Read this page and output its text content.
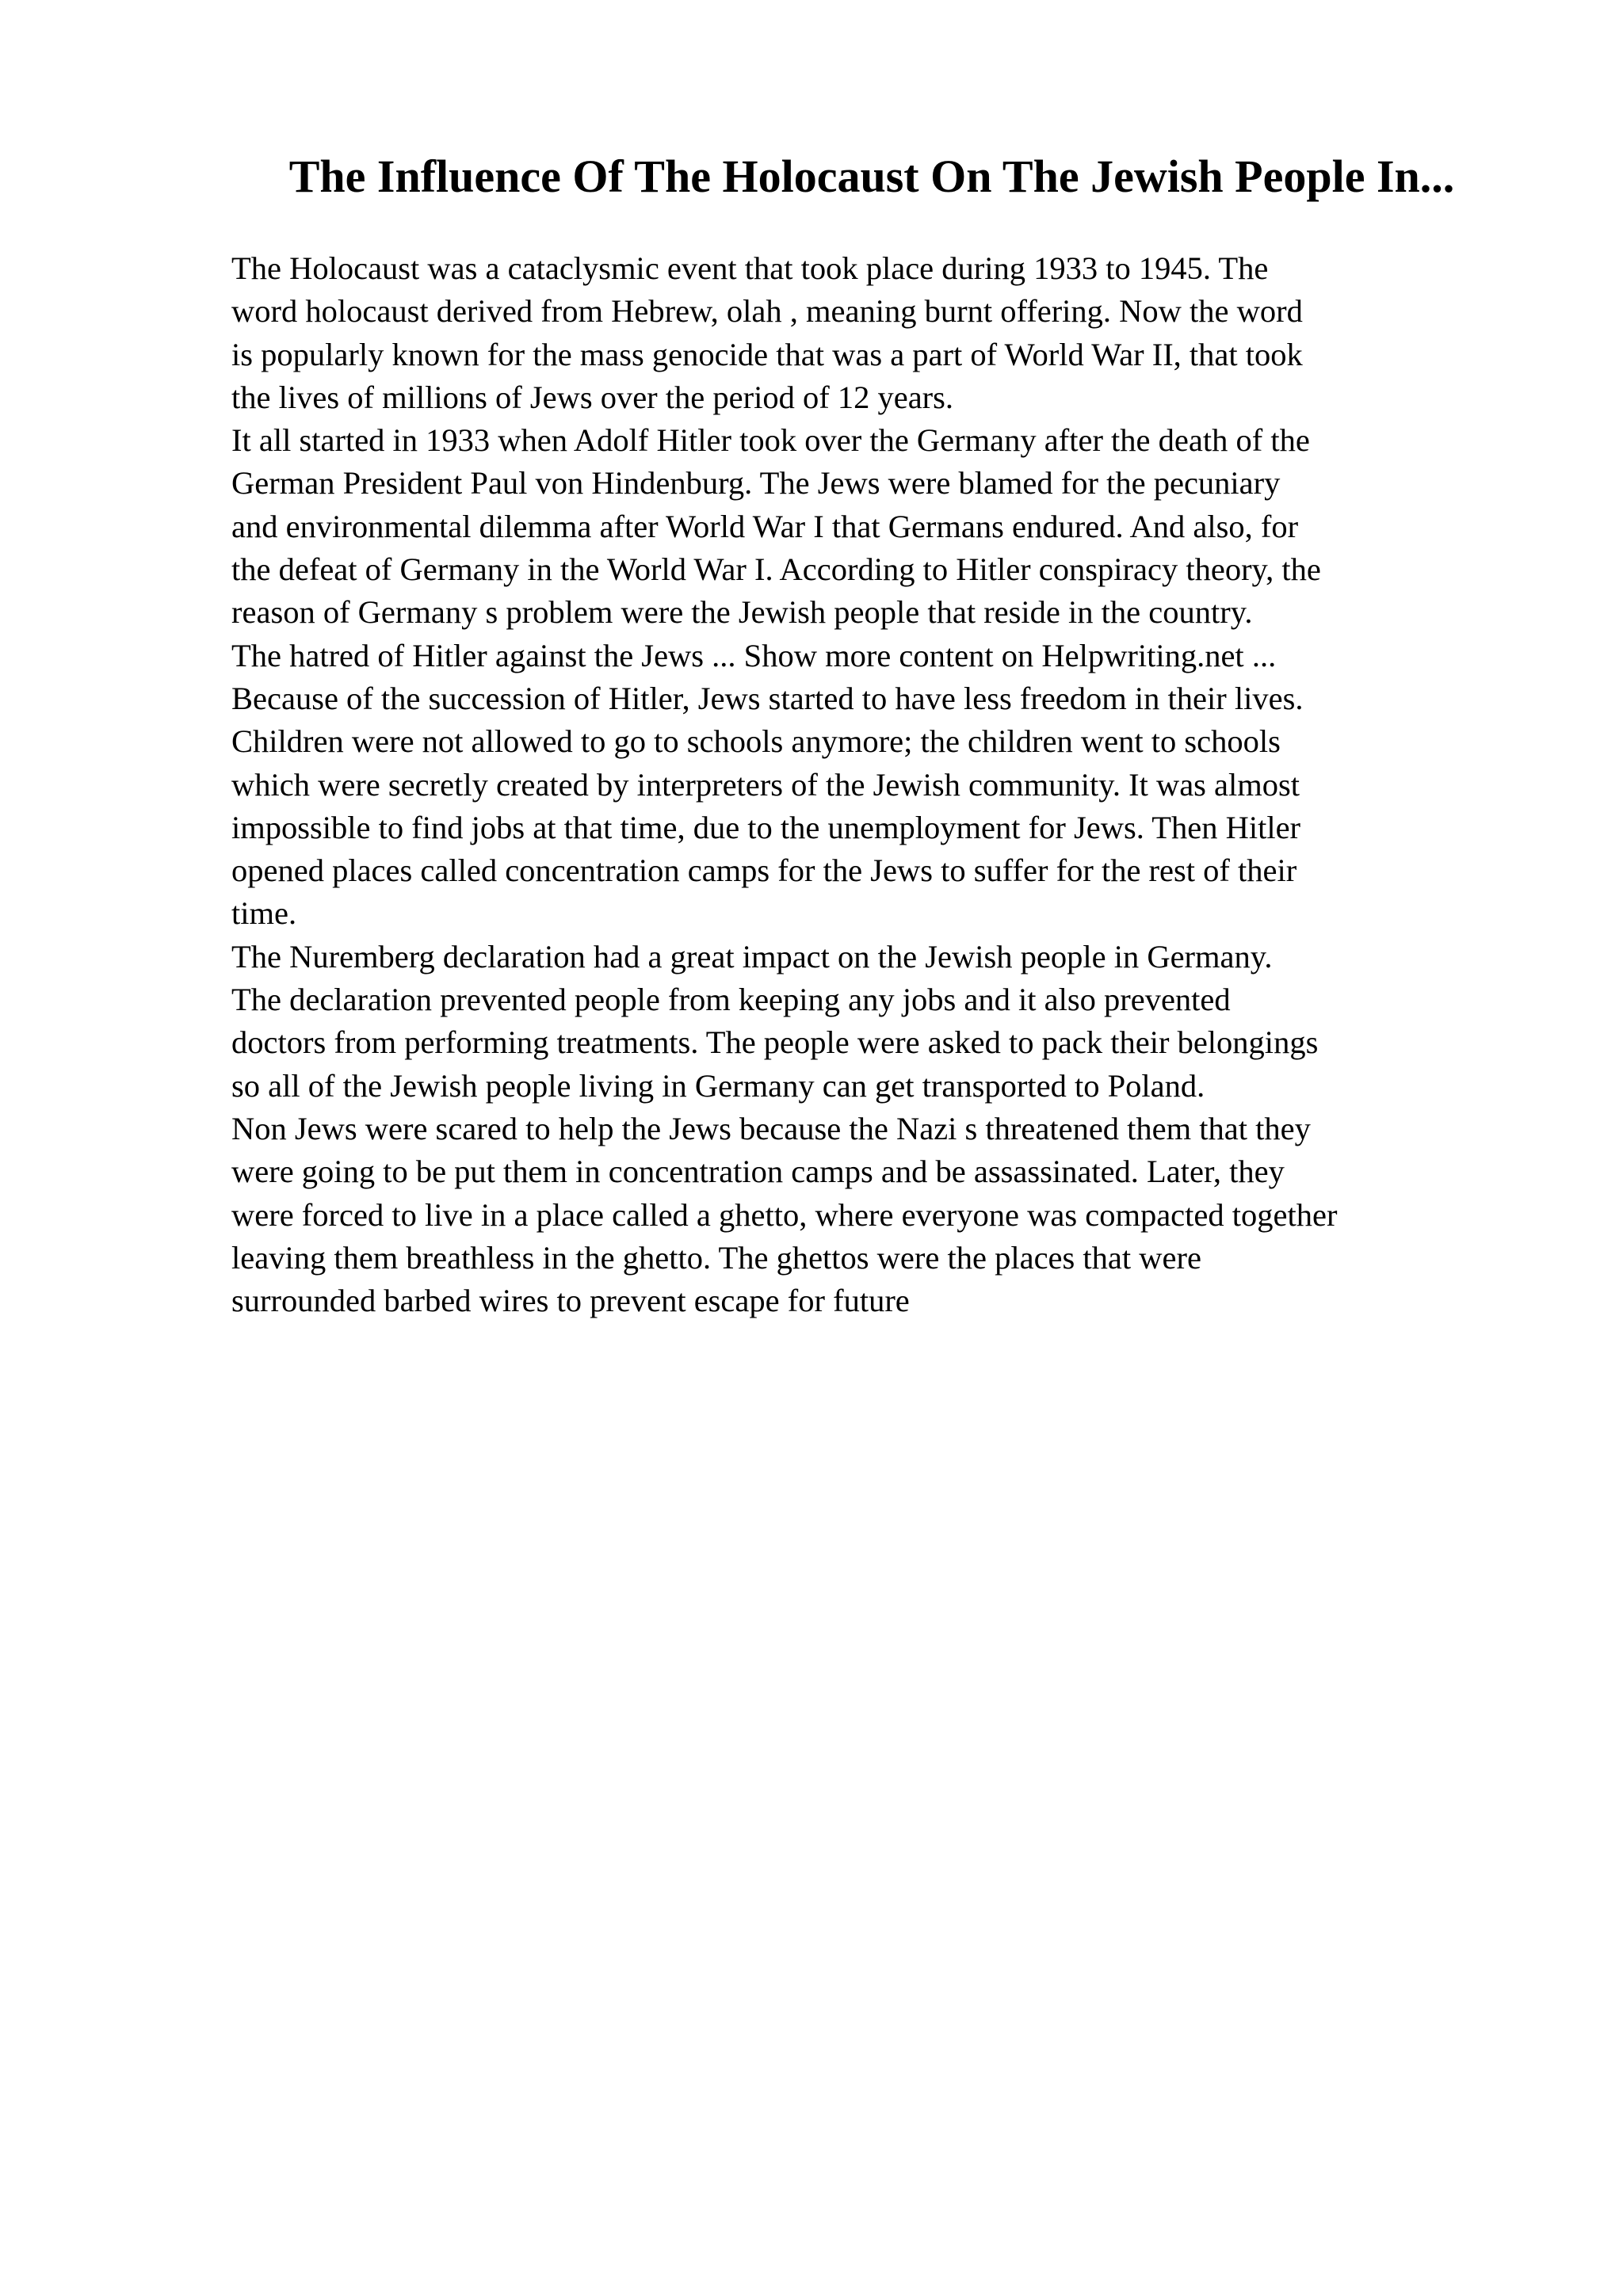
The Influence Of The Holocaust On The Jewish People In...
The Holocaust was a cataclysmic event that took place during 1933 to 1945. The
word holocaust derived from Hebrew, olah , meaning burnt offering. Now the word
is popularly known for the mass genocide that was a part of World War II, that took
the lives of millions of Jews over the period of 12 years.
It all started in 1933 when Adolf Hitler took over the Germany after the death of the
German President Paul von Hindenburg. The Jews were blamed for the pecuniary
and environmental dilemma after World War I that Germans endured. And also, for
the defeat of Germany in the World War I. According to Hitler conspiracy theory, the
reason of Germany s problem were the Jewish people that reside in the country.
The hatred of Hitler against the Jews ... Show more content on Helpwriting.net ...
Because of the succession of Hitler, Jews started to have less freedom in their lives.
Children were not allowed to go to schools anymore; the children went to schools
which were secretly created by interpreters of the Jewish community. It was almost
impossible to find jobs at that time, due to the unemployment for Jews. Then Hitler
opened places called concentration camps for the Jews to suffer for the rest of their
time.
The Nuremberg declaration had a great impact on the Jewish people in Germany.
The declaration prevented people from keeping any jobs and it also prevented
doctors from performing treatments. The people were asked to pack their belongings
so all of the Jewish people living in Germany can get transported to Poland.
Non Jews were scared to help the Jews because the Nazi s threatened them that they
were going to be put them in concentration camps and be assassinated. Later, they
were forced to live in a place called a ghetto, where everyone was compacted together
leaving them breathless in the ghetto. The ghettos were the places that were
surrounded barbed wires to prevent escape for future
